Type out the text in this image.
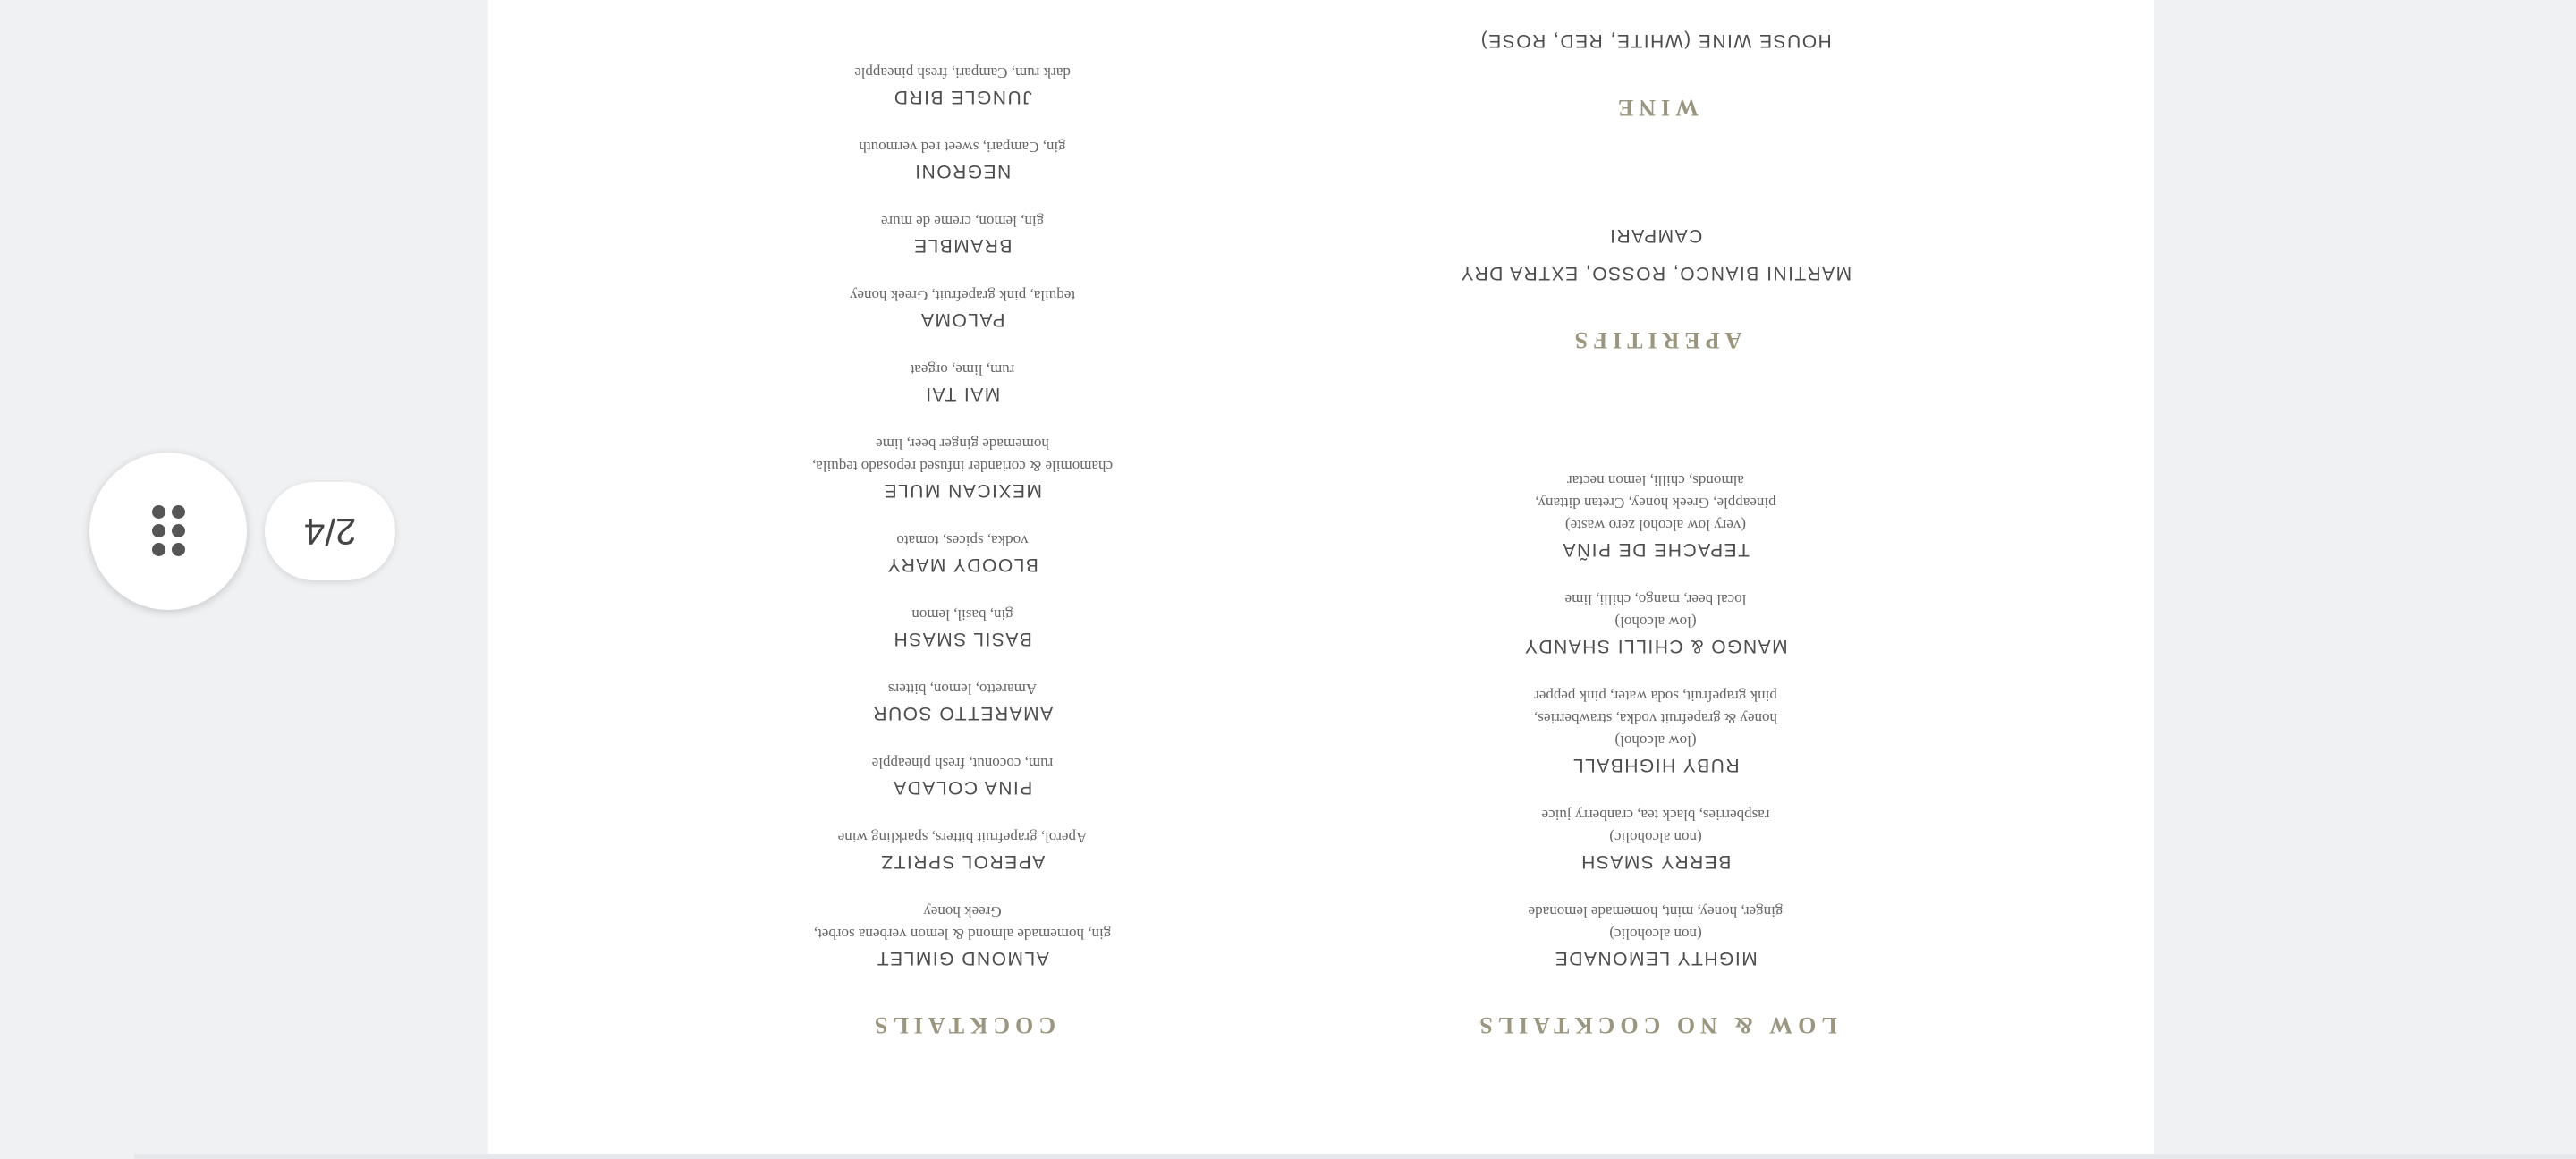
LOW & NO COCKTAILS
MIGHTY LEMONADE
(non alcoholic)
ginger, honey, mint, homemade lemonade
BERRY SMASH
(non alcoholic)
raspberries, black tea, cranberry juice
RUBY HIGHBALL
(low alcohol)
honey & grapefruit vodka, strawberries,
pink grapefruit, soda water, pink pepper
MANGO & CHILLI SHANDY
(low alcohol)
local beer, mango, chilli, lime
TEPACHE DE PIÑA
(very low alcohol zero waste)
pineapple, Greek honey, Cretan dittany,
almonds, chilli, lemon nectar
APERITIFS
MARTINI BIANCO, ROSSO, EXTRA DRY
CAMPARI
WINE
HOUSE WINE (WHITE, RED, ROSE)
COCKTAILS
ALMOND GIMLET
gin, homemade almond & lemon verbena sorbet,
Greek honey
APEROL SPRITZ
Aperol, grapefruit bitters, sparkling wine
PINA COLADA
rum, coconut, fresh pineapple
AMARETTO SOUR
Amaretto, lemon, bitters
BASIL SMASH
gin, basil, lemon
BLOODY MARY
vodka, spices, tomato
MEXICAN MULE
chamomile & coriander infused reposado tequila,
homemade ginger beer, lime
MAI TAI
rum, lime, orgeat
PALOMA
tequila, pink grapefruit, Greek honey
BRAMBLE
gin, lemon, creme de mure
NEGRONI
gin, Campari, sweet red vermouth
JUNGLE BIRD
dark rum, Campari, fresh pineapple
2/4
